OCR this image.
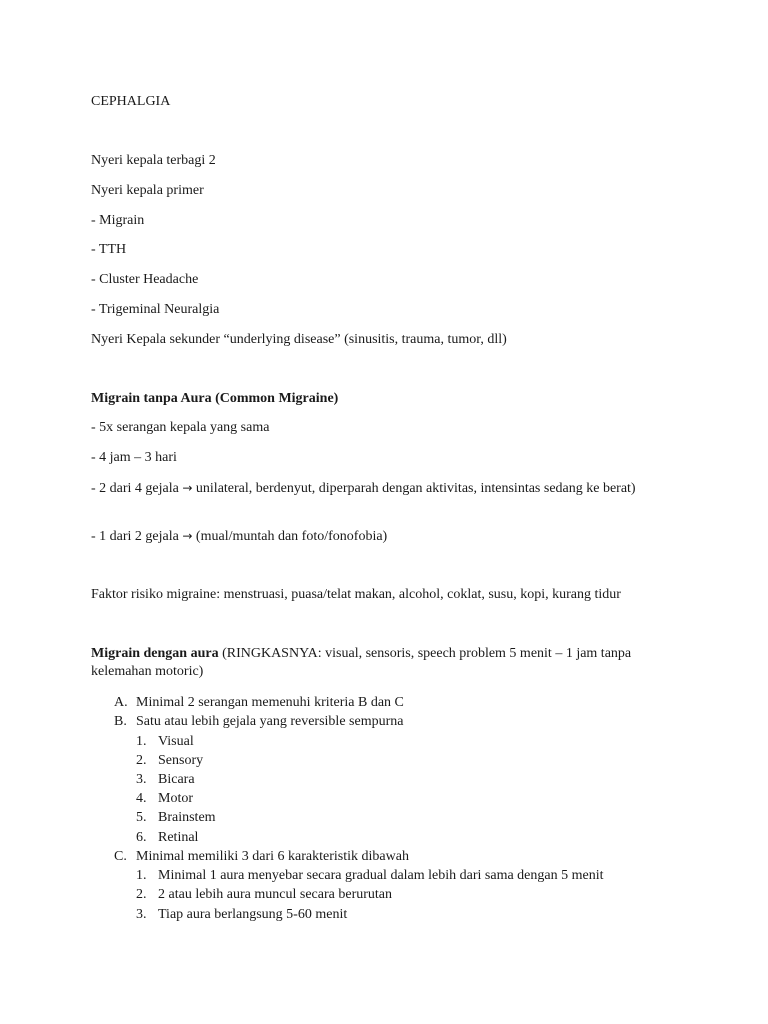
CEPHALGIA
Nyeri kepala terbagi 2
Nyeri kepala primer
- Migrain
- TTH
- Cluster Headache
- Trigeminal Neuralgia
Nyeri Kepala sekunder “underlying disease” (sinusitis, trauma, tumor, dll)
Migrain tanpa Aura (Common Migraine)
- 5x serangan kepala yang sama
- 4 jam – 3 hari
- 2 dari 4 gejala → unilateral, berdenyut, diperparah dengan aktivitas, intensintas sedang ke berat)
- 1 dari 2 gejala → (mual/muntah dan foto/fonofobia)
Faktor risiko migraine: menstruasi, puasa/telat makan, alcohol, coklat, susu, kopi, kurang tidur
Migrain dengan aura (RINGKASNYA: visual, sensoris, speech problem 5 menit – 1 jam tanpa kelemahan motoric)
A. Minimal 2 serangan memenuhi kriteria B dan C
B. Satu atau lebih gejala yang reversible sempurna
1. Visual
2. Sensory
3. Bicara
4. Motor
5. Brainstem
6. Retinal
C. Minimal memiliki 3 dari 6 karakteristik dibawah
1. Minimal 1 aura menyebar secara gradual dalam lebih dari sama dengan 5 menit
2. 2 atau lebih aura muncul secara berurutan
3. Tiap aura berlangsung 5-60 menit
